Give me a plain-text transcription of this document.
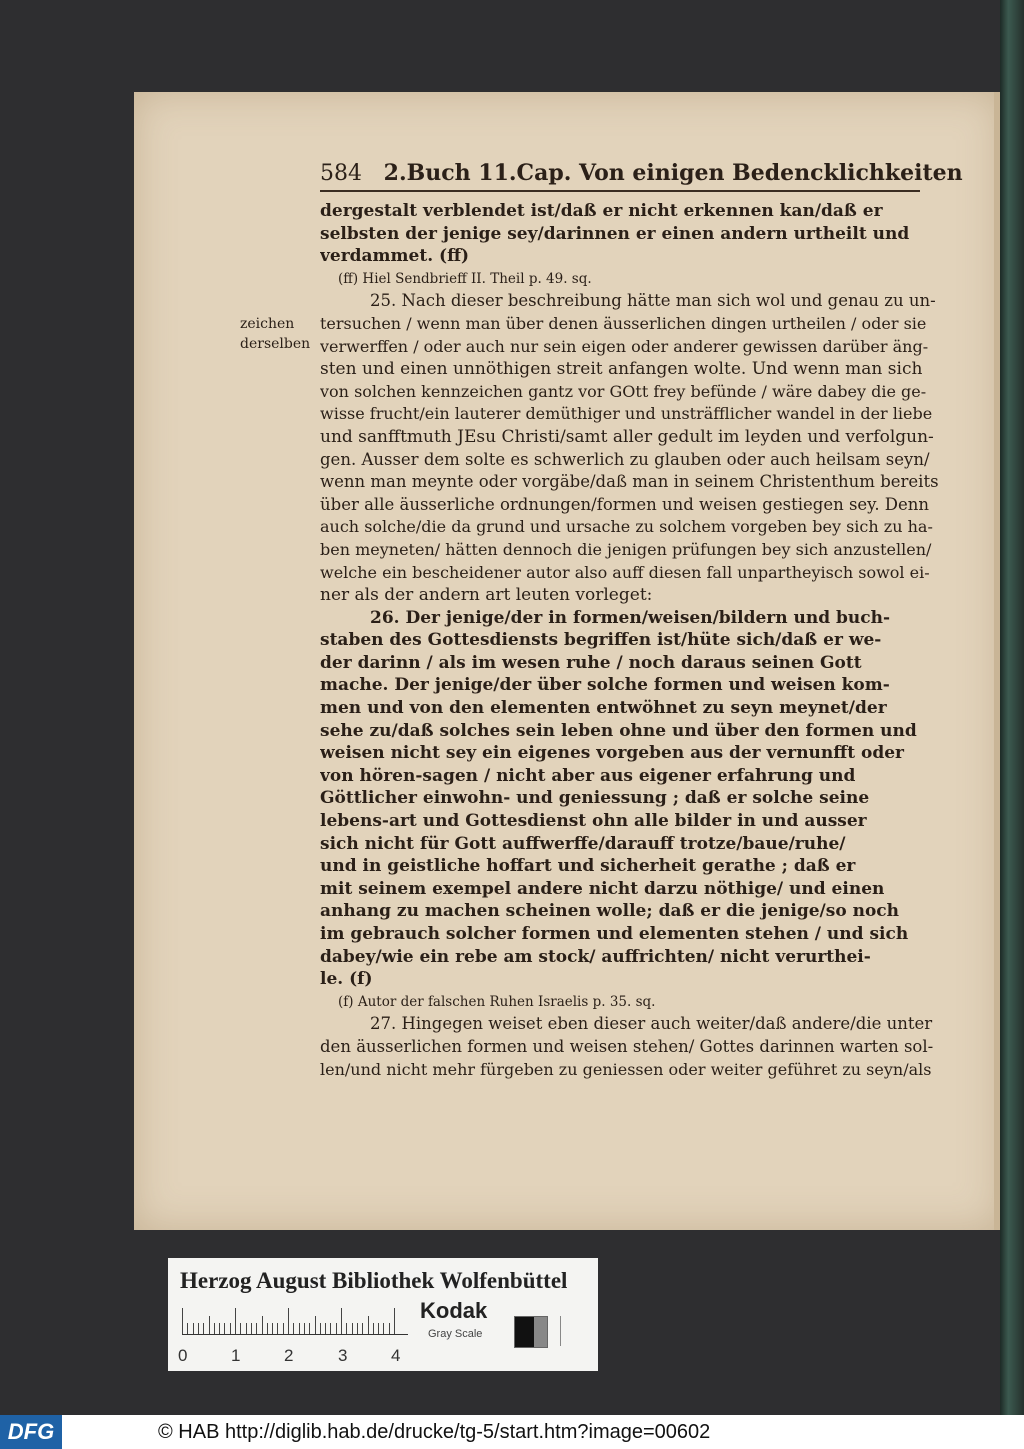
584 2.Buch 11.Cap. Von einigen Bedencklichkeiten
zeichen
derselben
dergestalt verblendet ist/daß er nicht erkennen kan/daß er
selbsten der jenige sey/darinnen er einen andern urtheilt und
verdammet. (ff)
(ff) Hiel Sendbrieff II. Theil p. 49. sq.
25. Nach dieser beschreibung hätte man sich wol und genau zu un-
tersuchen / wenn man über denen äusserlichen dingen urtheilen / oder sie
verwerffen / oder auch nur sein eigen oder anderer gewissen darüber äng-
sten und einen unnöthigen streit anfangen wolte. Und wenn man sich
von solchen kennzeichen gantz vor GOtt frey befünde / wäre dabey die ge-
wisse frucht/ein lauterer demüthiger und unsträfflicher wandel in der liebe
und sanfftmuth JEsu Christi/samt aller gedult im leyden und verfolgun-
gen. Ausser dem solte es schwerlich zu glauben oder auch heilsam seyn/
wenn man meynte oder vorgäbe/daß man in seinem Christenthum bereits
über alle äusserliche ordnungen/formen und weisen gestiegen sey. Denn
auch solche/die da grund und ursache zu solchem vorgeben bey sich zu ha-
ben meyneten/ hätten dennoch die jenigen prüfungen bey sich anzustellen/
welche ein bescheidener autor also auff diesen fall unpartheyisch sowol ei-
ner als der andern art leuten vorleget:
26. Der jenige/der in formen/weisen/bildern und buch-
staben des Gottesdiensts begriffen ist/hüte sich/daß er we-
der darinn / als im wesen ruhe / noch daraus seinen Gott
mache. Der jenige/der über solche formen und weisen kom-
men und von den elementen entwöhnet zu seyn meynet/der
sehe zu/daß solches sein leben ohne und über den formen und
weisen nicht sey ein eigenes vorgeben aus der vernunfft oder
von hören-sagen / nicht aber aus eigener erfahrung und
Göttlicher einwohn- und geniessung ; daß er solche seine
lebens-art und Gottesdienst ohn alle bilder in und ausser
sich nicht für Gott auffwerffe/darauff trotze/baue/ruhe/
und in geistliche hoffart und sicherheit gerathe ; daß er
mit seinem exempel andere nicht darzu nöthige/ und einen
anhang zu machen scheinen wolle; daß er die jenige/so noch
im gebrauch solcher formen und elementen stehen / und sich
dabey/wie ein rebe am stock/ auffrichten/ nicht verurthei-
le. (f)
(f) Autor der falschen Ruhen Israelis p. 35. sq.
27. Hingegen weiset eben dieser auch weiter/daß andere/die unter
den äusserlichen formen und weisen stehen/ Gottes darinnen warten sol-
len/und nicht mehr fürgeben zu geniessen oder weiter geführet zu seyn/als
Herzog August Bibliothek Wolfenbüttel
0	1	2	3	4
Kodak
Gray Scale
DFG	© HAB http://diglib.hab.de/drucke/tg-5/start.htm?image=00602
